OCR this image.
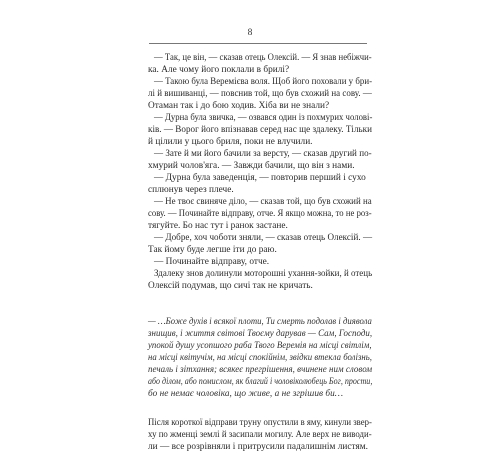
8
— Так, це він, — сказав отець Олексій. — Я знав небіжчи-
ка. Але чому його поклали в брилі?
— Такою була Веремієва воля. Щоб його поховали у бри-
лі й вишиванці, — повснив той, що був схожий на сову. —
Отаман так і до бою ходив. Хіба ви не знали?
— Дурна була звичка, — озвався один із похмурих чолові-
ків. — Ворог його впізнавав серед нас ще здалеку. Тільки
й цілили у цього бриля, поки не влучили.
— Зате й ми його бачили за версту, — сказав другий по-
хмурий чолов'яга. — Завжди бачили, що він з нами.
— Дурна була заведенція, — повторив перший і сухо
сплюнув через плече.
— Не твоє свиняче діло, — сказав той, що був схожий на
сову. — Починайте відправу, отче. Я якщо можна, то не роз-
тягуйте. Бо нас тут і ранок застане.
— Добре, хоч чоботи зняли, — сказав отець Олексій. —
Так йому буде легше іти до раю.
— Починайте відправу, отче.
Здалеку знов долинули моторошні ухання-зойки, й отець
Олексій подумав, що сичі так не кричать.
— …Боже духів і всякої плоти, Ти смерть подолав і диявола
знищив, і життя світові Твоєму дарував — Сам, Господи,
упокой душу усопшого раба Твого Веремія на місці світлім,
на місці квітучім, на місці спокійнім, звідки втекла болізнь,
печаль і зітхання; всякеє прегрішення, вчинене ним словом
або ділом, або помислом, як благий і чоловіколюбець Бог, прости,
бо не немає чоловіка, що живе, а не згрішив би…
Після короткої відправи труну опустили в яму, кинули звер-
ху по жменці землі й засипали могилу. Але верх не виводи-
ли — все розрівняли і притрусили падалишнім листям.
